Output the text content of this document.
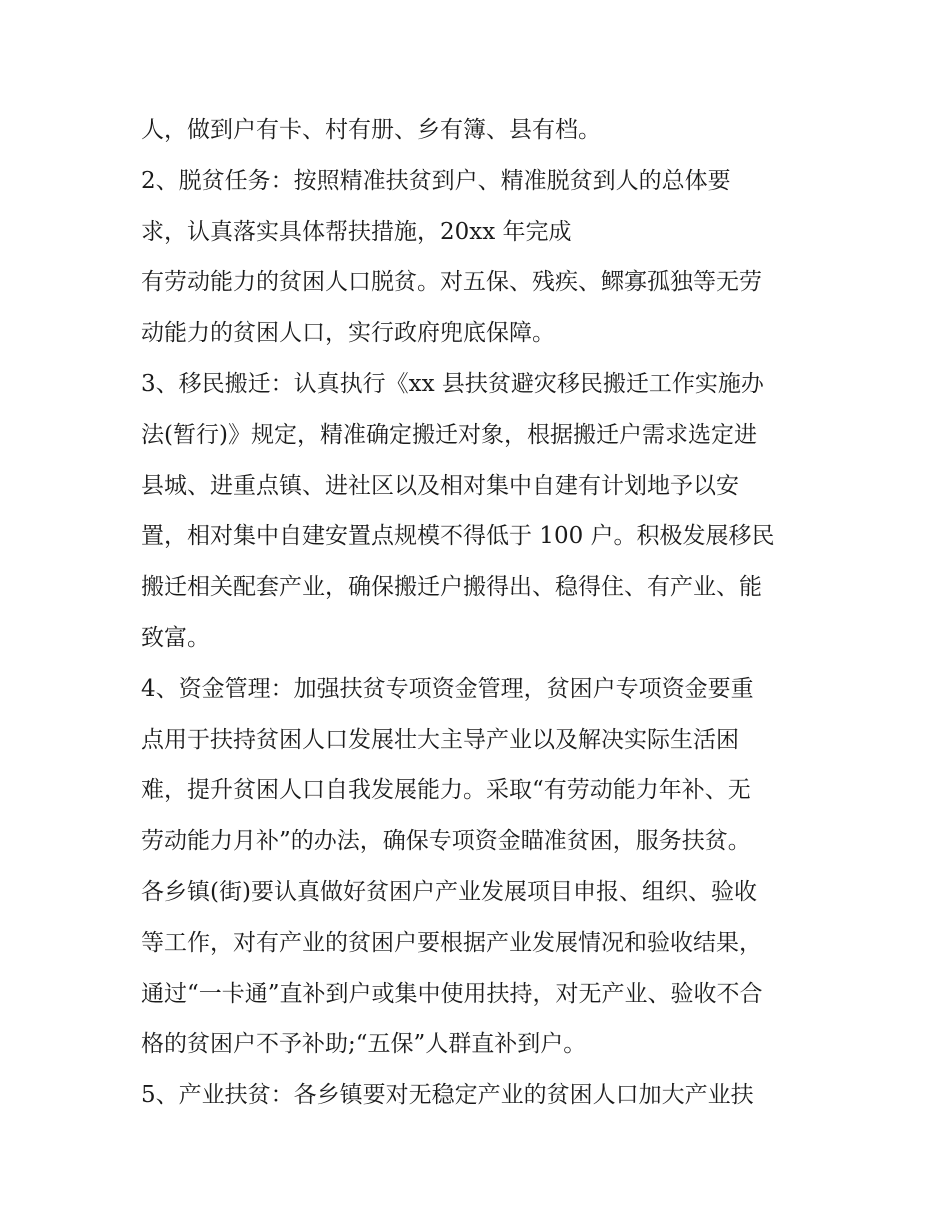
人，做到户有卡、村有册、乡有簿、县有档。
2、脱贫任务：按照精准扶贫到户、精准脱贫到人的总体要
求，认真落实具体帮扶措施，20xx 年完成
有劳动能力的贫困人口脱贫。对五保、残疾、鳏寡孤独等无劳
动能力的贫困人口，实行政府兜底保障。
3、移民搬迁：认真执行《xx 县扶贫避灾移民搬迁工作实施办
法(暂行)》规定，精准确定搬迁对象，根据搬迁户需求选定进
县城、进重点镇、进社区以及相对集中自建有计划地予以安
置，相对集中自建安置点规模不得低于 100 户。积极发展移民
搬迁相关配套产业，确保搬迁户搬得出、稳得住、有产业、能
致富。
4、资金管理：加强扶贫专项资金管理，贫困户专项资金要重
点用于扶持贫困人口发展壮大主导产业以及解决实际生活困
难，提升贫困人口自我发展能力。采取“有劳动能力年补、无
劳动能力月补”的办法，确保专项资金瞄准贫困，服务扶贫。
各乡镇(街)要认真做好贫困户产业发展项目申报、组织、验收
等工作，对有产业的贫困户要根据产业发展情况和验收结果，
通过“一卡通”直补到户或集中使用扶持，对无产业、验收不合
格的贫困户不予补助;“五保”人群直补到户。
5、产业扶贫：各乡镇要对无稳定产业的贫困人口加大产业扶
